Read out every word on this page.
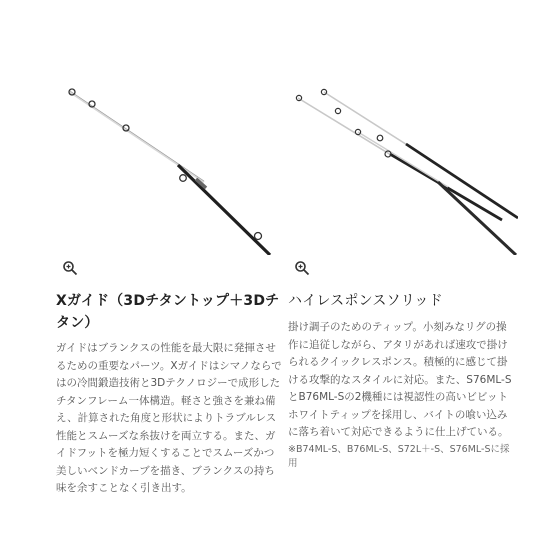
Xガイド（3Dチタントップ＋3Dチタン）
ガイドはブランクスの性能を最大限に発揮させるための重要なパーツ。Xガイドはシマノならではの冷間鍛造技術と3Dテクノロジーで成形したチタンフレーム一体構造。軽さと強さを兼ね備え、計算された角度と形状によりトラブルレス性能とスムーズな糸抜けを両立する。また、ガイドフットを極力短くすることでスムーズかつ美しいベンドカーブを描き、ブランクスの持ち味を余すことなく引き出す。
ハイレスポンスソリッド
掛け調子のためのティップ。小刻みなリグの操作に追従しながら、アタリがあれば速攻で掛けられるクイックレスポンス。積極的に感じて掛ける攻撃的なスタイルに対応。また、S76ML-SとB76ML-Sの2機種には視認性の高いビビットホワイトティップを採用し、バイトの喰い込みに落ち着いて対応できるように仕上げている。
※B74ML-S、B76ML-S、S72L＋-S、S76ML-Sに採用
